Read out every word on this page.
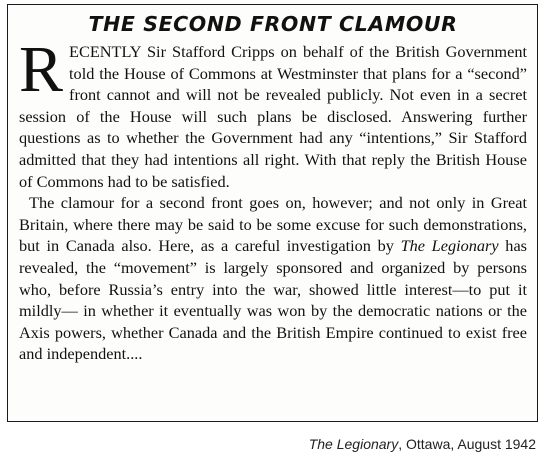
THE SECOND FRONT CLAMOUR

RECENTLY Sir Stafford Cripps on behalf of the British Government told the House of Commons at Westminster that plans for a “second” front cannot and will not be revealed publicly. Not even in a secret session of the House will such plans be disclosed. Answering further questions as to whether the Government had any “intentions,” Sir Stafford admitted that they had intentions all right. With that reply the British House of Commons had to be satisfied.

The clamour for a second front goes on, however; and not only in Great Britain, where there may be said to be some excuse for such demonstrations, but in Canada also. Here, as a careful investigation by The Legionary has revealed, the “movement” is largely sponsored and organized by persons who, before Russia’s entry into the war, showed little interest—to put it mildly— in whether it eventually was won by the democratic nations or the Axis powers, whether Canada and the British Empire continued to exist free and independent....

The Legionary, Ottawa, August 1942
